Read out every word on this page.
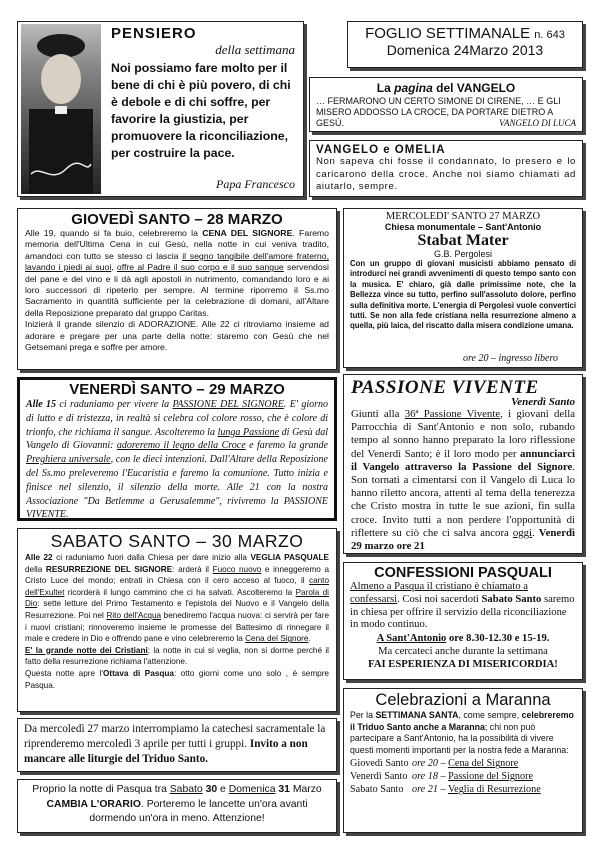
PENSIERO
della settimana
Noi possiamo fare molto per il bene di chi è più povero, di chi è debole e di chi soffre, per favorire la giustizia, per promuovere la riconciliazione, per costruire la pace.
Papa Francesco
FOGLIO SETTIMANALE n. 643
Domenica 24Marzo 2013
La pagina del VANGELO
… FERMARONO UN CERTO SIMONE DI CIRENE, … E GLI MISERO ADDOSSO LA CROCE, DA PORTARE DIETRO A GESÙ.	VANGELO DI LUCA
VANGELO e OMELIA
Non sapeva chi fosse il condannato, lo presero e lo caricarono della croce. Anche noi siamo chiamati ad aiutarlo, sempre.
GIOVEDÌ SANTO – 28 MARZO
Alle 19, quando si fa buio, celebreremo la CENA DEL SIGNORE. Faremo memoria dell'Ultima Cena in cui Gesù, nella notte in cui veniva tradito, amandoci con tutto se stesso ci lascia il segno tangibile dell'amore fraterno, lavando i piedi ai suoi, offre al Padre il suo corpo e il suo sangue servendosi del pane e del vino e li dà agli apostoli in nutrimento, comandando loro e ai loro successori di ripeterlo per sempre. Al termine riporremo il Ss.mo Sacramento in quantità sufficiente per la celebrazione di domani, all'Altare della Reposizione preparato dal gruppo Caritas.
Inizierà il grande silenzio di ADORAZIONE. Alle 22 ci ritroviamo insieme ad adorare e pregare per una parte della notte: staremo con Gesù che nel Getsemani prega e soffre per amore.
MERCOLEDI' SANTO 27 MARZO
Chiesa monumentale – Sant'Antonio
Stabat Mater
G.B. Pergolesi
Con un gruppo di giovani musicisti abbiamo pensato di introdurci nei grandi avvenimenti di questo tempo santo con la musica. E' chiaro, già dalle primissime note, che la Bellezza vince su tutto, perfino sull'assoluto dolore, perfino sulla definitiva morte. L'energia di Pergolesi vuole convertici tutti. Se non alla fede cristiana nella resurrezione almeno a quella, più laica, del riscatto dalla misera condizione umana.
ore 20 – ingresso libero
VENERDÌ SANTO – 29 MARZO
Alle 15 ci raduniamo per vivere la PASSIONE DEL SIGNORE. E' giorno di lutto e di tristezza, in realtà si celebra col colore rosso, che è colore di trionfo, che richiama il sangue. Ascolteremo la lunga Passione di Gesù dal Vangelo di Giovanni: adoreremo il legno della Croce e faremo la grande Preghiera universale, con le dieci intenzioni. Dall'Altare della Reposizione del Ss.mo preleveremo l'Eucaristia e faremo la comunione. Tutto inizia e finisce nel silenzio, il silenzio della morte. Alle 21 con la nostra Associazione "Da Betlemme a Gerusalemme", rivivremo la PASSIONE VIVENTE.
PASSIONE VIVENTE
Venerdì Santo
Giunti alla 36ª Passione Vivente, i giovani della Parrocchia di Sant'Antonio e non solo, rubando tempo al sonno hanno preparato la loro riflessione del Venerdì Santo; è il loro modo per annunciarci il Vangelo attraverso la Passione del Signore. Son tornati a cimentarsi con il Vangelo di Luca lo hanno riletto ancora, attenti al tema della tenerezza che Cristo mostra in tutte le sue azioni, fin sulla croce. Invito tutti a non perdere l'opportunità di riflettere su ciò che ci salva ancora oggi. Venerdì 29 marzo ore 21
SABATO SANTO – 30 MARZO
Alle 22 ci raduniamo fuori dalla Chiesa per dare inizio alla VEGLIA PASQUALE della RESURREZIONE DEL SIGNORE: arderà il Fuoco nuovo e inneggeremo a Cristo Luce del mondo; entrati in Chiesa con il cero acceso al fuoco, il canto dell'Exultet ricorderà il lungo cammino che ci ha salvati. Ascolteremo la Parola di Dio: sette letture del Primo Testamento e l'epistola del Nuovo e il Vangelo della Resurrezione. Poi nel Rito dell'Acqua benediremo l'acqua nuova: ci servirà per fare i nuovi cristiani; rinnoveremo insieme le promesse del Battesimo di rinnegare il male e credere in Dio e offrendo pane e vino celebreremo la Cena del Signore.
E' la grande notte dei Cristiani; la notte in cui si veglia, non si dorme perché il fatto della resurrezione richiama l'attenzione.
Questa notte apre l'Ottava di Pasqua: otto giorni come uno solo , è sempre Pasqua.
CONFESSIONI PASQUALI
Almeno a Pasqua il cristiano è chiamato a confessarsi. Così noi sacerdoti Sabato Santo saremo in chiesa per offrire il servizio della riconciliazione in modo continuo.
A Sant'Antonio ore 8.30-12.30 e 15-19.
Ma cercateci anche durante la settimana
FAI ESPERIENZA DI MISERICORDIA!
Da mercoledì 27 marzo interrompiamo la catechesi sacramentale la riprenderemo mercoledì 3 aprile per tutti i gruppi. Invito a non mancare alle liturgie del Triduo Santo.
Proprio la notte di Pasqua tra Sabato 30 e Domenica 31 Marzo CAMBIA L'ORARIO. Porteremo le lancette un'ora avanti dormendo un'ora in meno. Attenzione!
Celebrazioni a Maranna
Per la SETTIMANA SANTA, come sempre, celebreremo il Triduo Santo anche a Maranna; chi non può partecipare a Sant'Antonio, ha la possibilità di vivere questi momenti importanti per la nostra fede a Maranna:
Giovedì Santo ore 20 – Cena del Signore
Venerdì Santo ore 18 – Passione del Signore
Sabato Santo ore 21 – Veglia di Resurrezione
